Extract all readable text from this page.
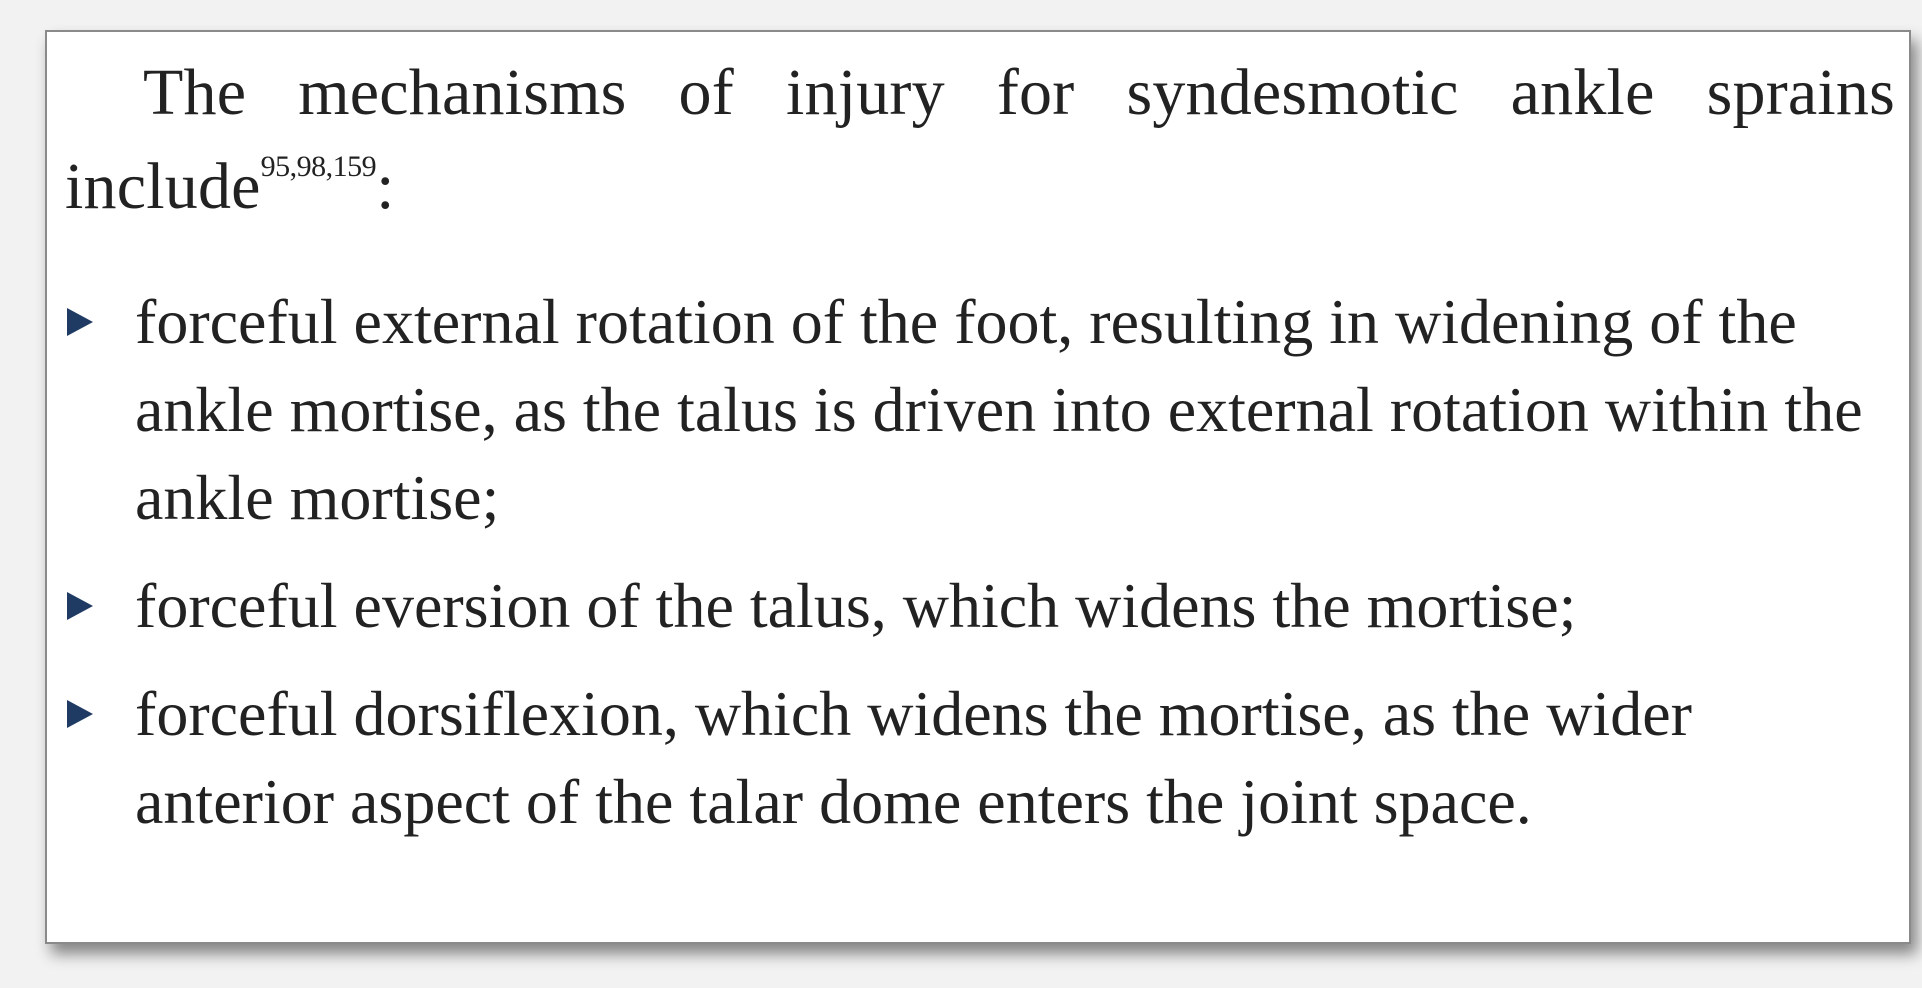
The mechanisms of injury for syndesmotic ankle sprains include$^{95,98,159}$:

forceful external rotation of the foot, resulting in widening of the ankle mortise, as the talus is driven into external rotation within the ankle mortise;
forceful eversion of the talus, which widens the mortise;
forceful dorsiflexion, which widens the mortise, as the wider anterior aspect of the talar dome enters the joint space.
